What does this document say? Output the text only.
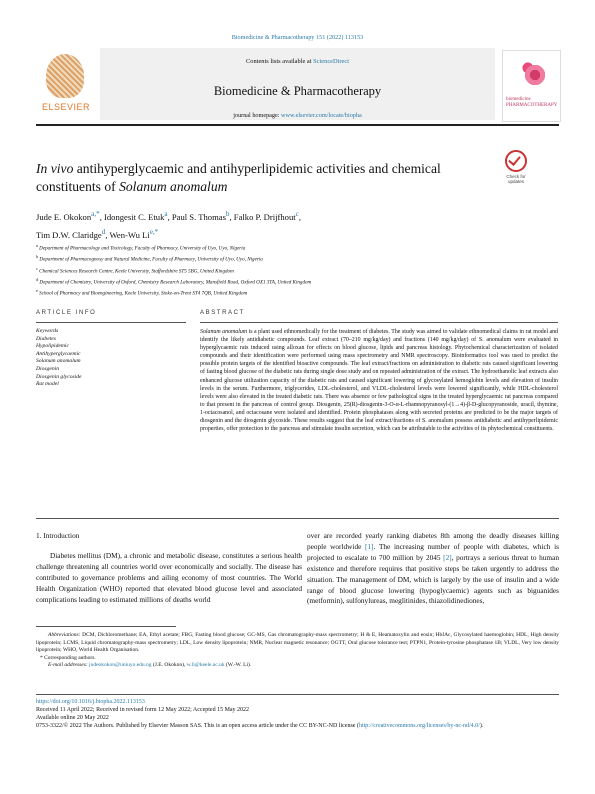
Biomedicine & Pharmacotherapy 151 (2022) 113153
ELSEVIER
Contents lists available at ScienceDirect
Biomedicine & Pharmacotherapy
journal homepage: www.elsevier.com/locate/biopha
biomedicine
PHARMACOTHERAPY
In vivo antihyperglycaemic and antihyperlipidemic activities and chemical
constituents of Solanum anomalum
Check for updates
Jude E. Okokon$^{a,*}$, Idongesit C. Etuk$^a$, Paul S. Thomas$^b$, Falko P. Drijfhout$^c$,
Tim D.W. Claridge$^d$, Wen-Wu $Li^{e,*}$
$^a$ Department of Pharmacology and Toxicology, Faculty of Pharmacy, University of Uyo, Uyo, Nigeria
$^b$ Department of Pharmacognosy and Natural Medicine, Faculty of Pharmacy, University of Uyo, Uyo, Nigeria
$^c$ Chemical Sciences Research Centre, Keele University, Staffordshire ST5 5BG, United Kingdom
$^d$ Department of Chemistry, University of Oxford, Chemistry Research Laboratory, Mansfield Road, Oxford OX1 3TA, United Kingdom
$^e$ School of Pharmacy and Bioengineering, Keele University, Stoke-on-Trent ST4 7QB, United Kingdom
ARTICLE INFO	ABSTRACT
Keywords
Diabetes
Hypolipidemic
Antihyperglycaemic
Solanum anomalum
Diosgenin
Diosgenin glycoside
Rat model
Solanum anomalum is a plant used ethnomedically for the treatment of diabetes. The study was aimed to validate ethnomedical claims in rat model and identify the likely antidiabetic compounds. Leaf extract (70–210 mg/kg/day) and fractions (140 mg/kg/day) of S. anomalum were evaluated in hyperglycaemic rats induced using alloxan for effects on blood glucose, lipids and pancreas histology. Phytochemical characterization of isolated compounds and their identification were performed using mass spectrometry and NMR spectroscopy. Bioinformatics tool was used to predict the possible protein targets of the identified bioactive compounds. The leaf extract/fractions on administration to diabetic rats caused significant lowering of fasting blood glucose of the diabetic rats during single dose study and on repeated administration of the extract. The hydroethanolic leaf extracts also enhanced glucose utilization capacity of the diabetic rats and caused significant lowering of glycosylated hemoglobin levels and elevation of insulin levels in the serum. Furthermore, triglycerides, LDL-cholesterol, and VLDL-cholesterol levels were lowered significantly, while HDL-cholesterol levels were also elevated in the treated diabetic rats. There was absence or few pathological signs in the treated hyperglycaemic rat pancreas compared to that present in the pancreas of control group. Diosgenin, 25(R)-diosgenin-3-O-α-L-rhamnopyranosyl-(1→4)-β-D-glucopyranoside, uracil, thymine, 1-octacosanol, and octacosane were isolated and identified. Protein phosphatases along with secreted proteins are predicted to be the major targets of diosgenin and the diosgenin glycoside. These results suggest that the leaf extract/fractions of S. anomalum possess antidiabetic and antihyperlipidemic properties, offer protection to the pancreas and stimulate insulin secretion, which can be attributable to the activities of its phytochemical constituents.
1. Introduction
Diabetes mellitus (DM), a chronic and metabolic disease, constitutes a serious health challenge threatening all countries world over economically and socially. The disease has contributed to governance problems and ailing economy of most countries. The World Health Organization (WHO) reported that elevated blood glucose level and associated complications leading to estimated millions of deaths world
over are recorded yearly ranking diabetes 8th among the deadly diseases killing people worldwide [1]. The increasing number of people with diabetes, which is projected to escalate to 700 million by 2045 [2], portrays a serious threat to human existence and therefore requires that positive steps be taken urgently to address the situation. The management of DM, which is largely by the use of insulin and a wide range of blood glucose lowering (hypoglycaemic) agents such as biguanides (metformin), sulfonylureas, meglitinides, thiazolidinediones,
Abbreviations: DCM, Dichloromethane; EA, Ethyl acetate; FBG, Fasting blood glucose; GC-MS, Gas chromatography-mass spectrometry; H & E, Heamatoxylin and eosin; HbIAc, Glycosylated haemoglobin; HDL, High density lipoprotein; LCMS, Liquid chromatography-mass spectrometry; LDL, Low density lipoprotein; NMR, Nuclear magnetic resonance; OGTT, Oral glucose tolerance test; PTPN1, Protein-tyrosine phosphatase 1B; VLDL, Very low density lipoprotein; WHO, World Health Organisation.
* Corresponding authors.
E-mail addresses: judeokokon@uniuyo.edu.ng (J.E. Okokon), w.li@keele.ac.uk (W.-W. Li).
https://doi.org/10.1016/j.biopha.2022.113153
Received 11 April 2022; Received in revised form 12 May 2022; Accepted 15 May 2022
Available online 20 May 2022
0753-3322/© 2022 The Authors. Published by Elsevier Masson SAS. This is an open access article under the CC BY-NC-ND license (http://creativecommons.org/licenses/by-nc-nd/4.0/).
